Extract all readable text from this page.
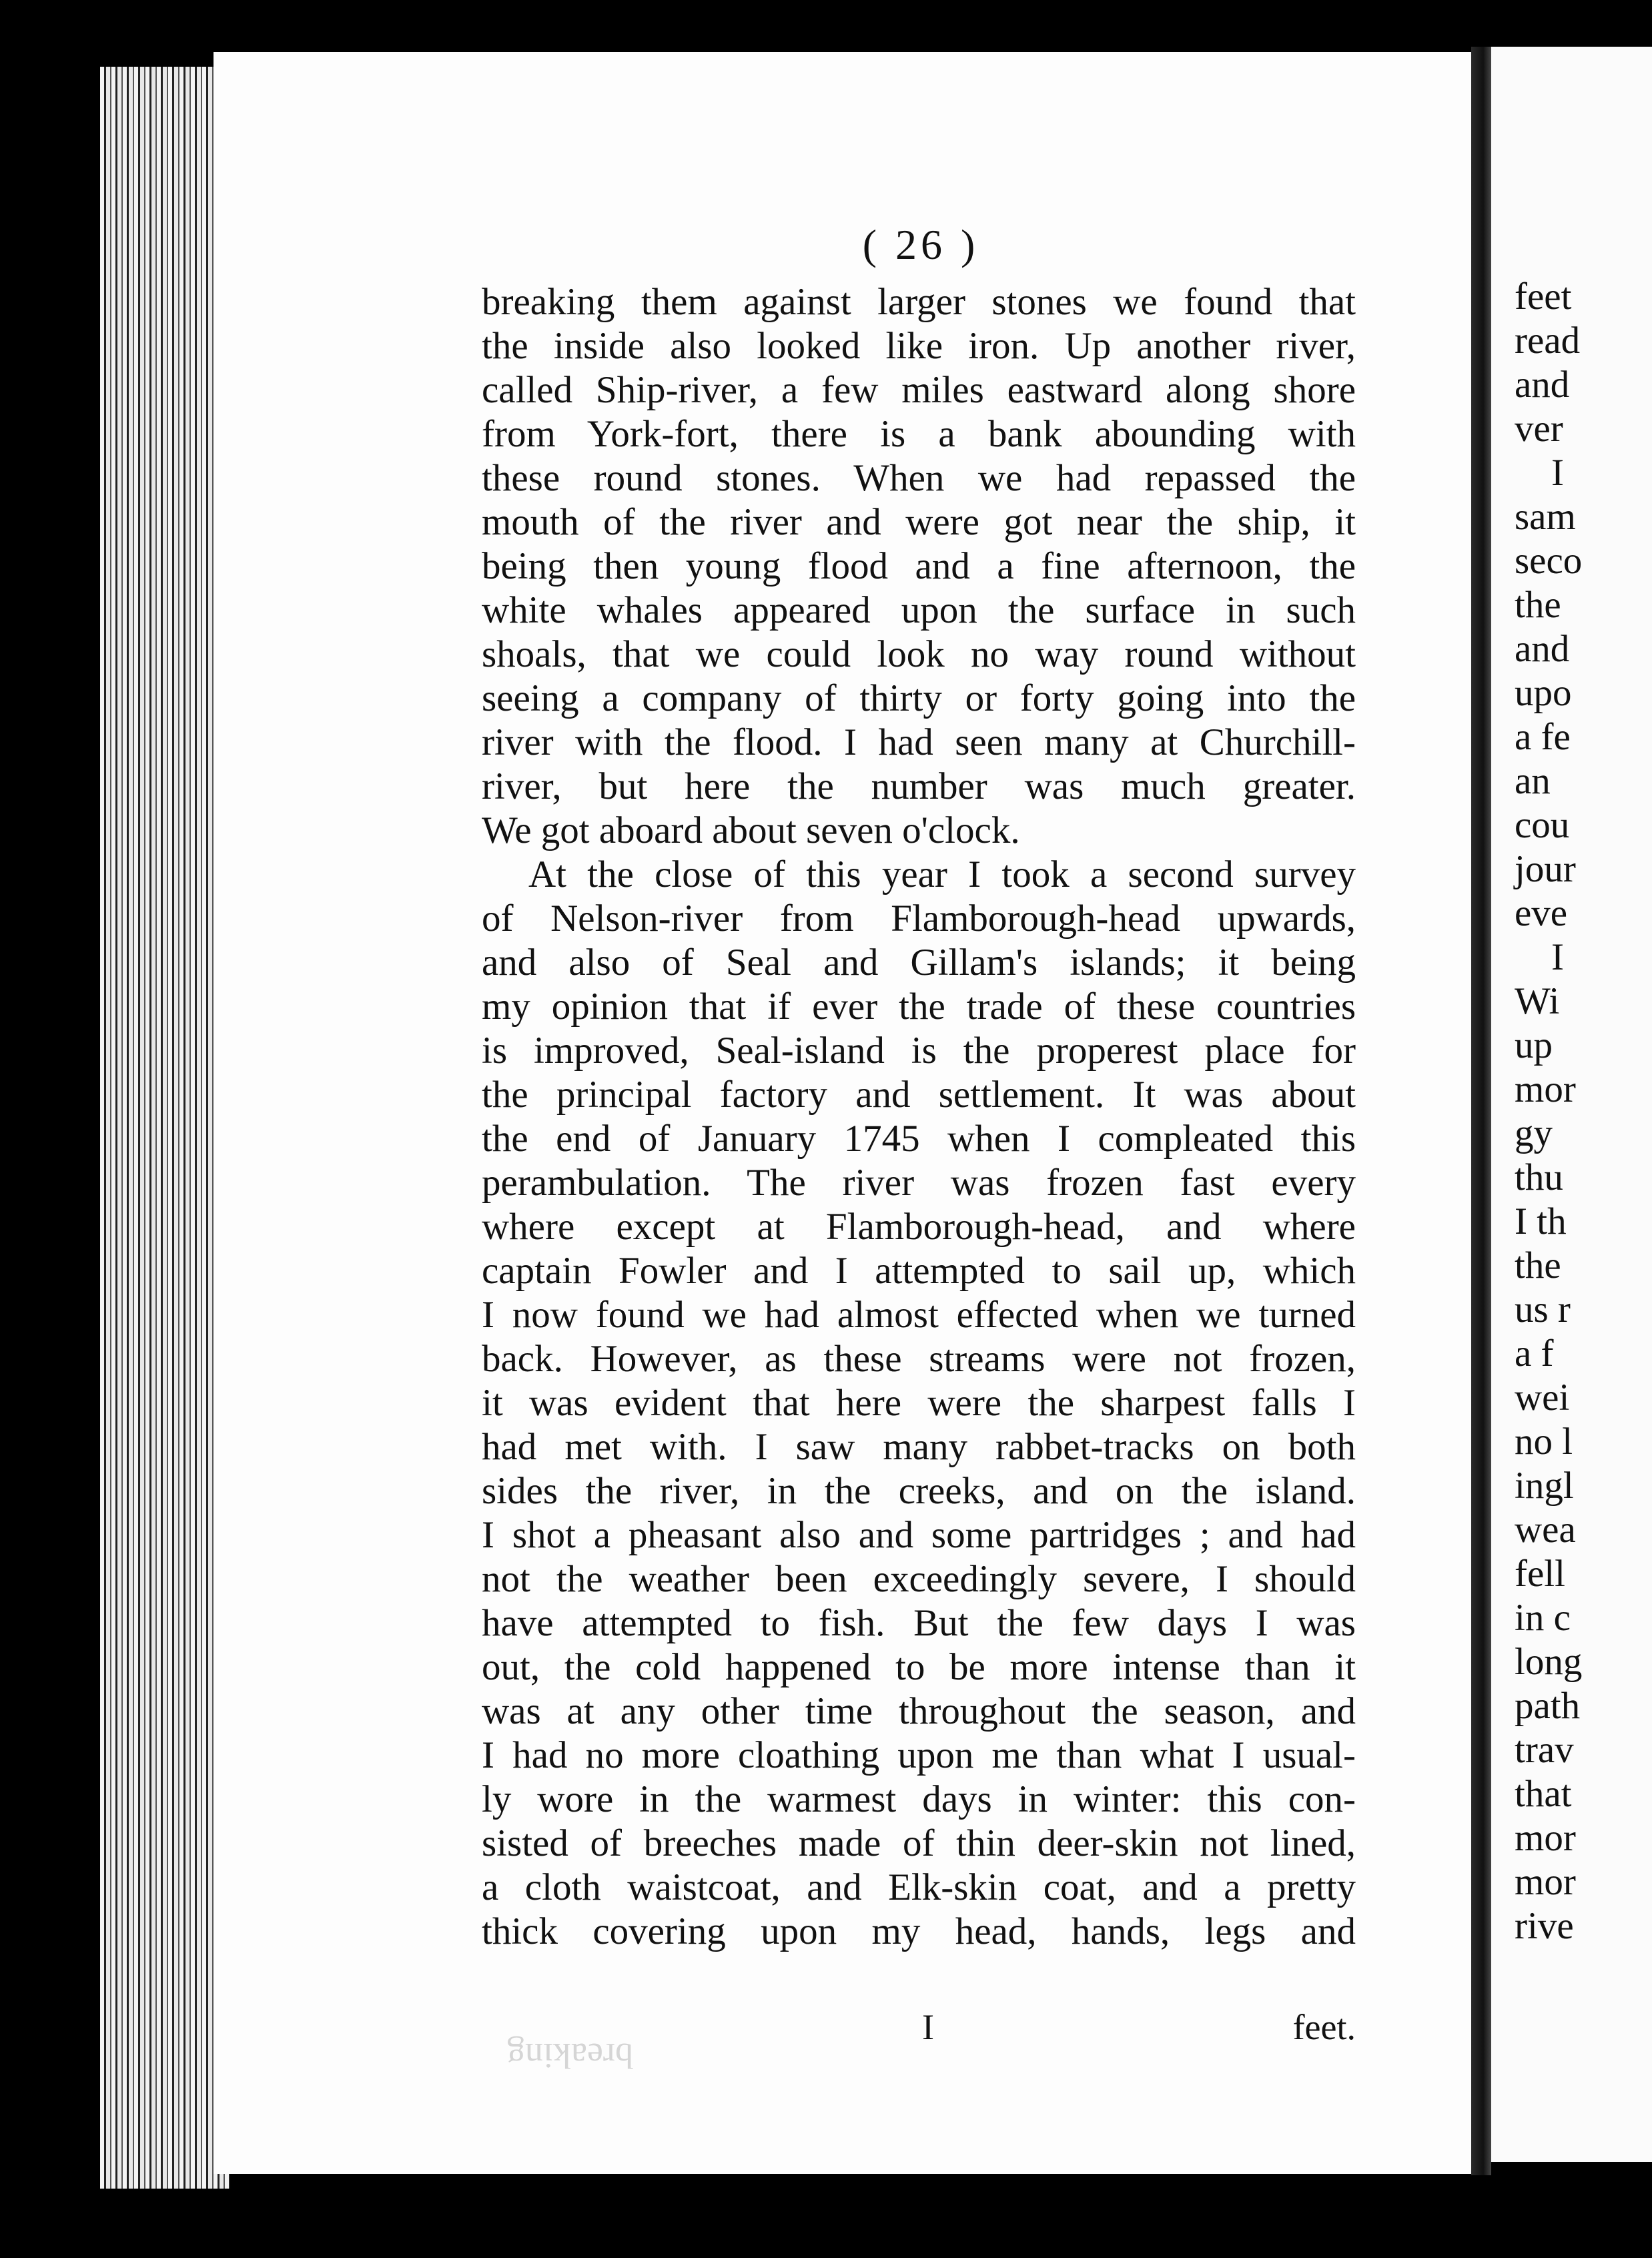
( 26 )
breaking them against larger stones we found that
the inside also looked like iron. Up another river,
called Ship-river, a few miles eastward along shore
from York-fort, there is a bank abounding with
these round stones. When we had repassed the
mouth of the river and were got near the ship, it
being then young flood and a fine afternoon, the
white whales appeared upon the surface in such
shoals, that we could look no way round without
seeing a company of thirty or forty going into the
river with the flood. I had seen many at Churchill-
river, but here the number was much greater.
We got aboard about seven o'clock.
At the close of this year I took a second survey
of Nelson-river from Flamborough-head upwards,
and also of Seal and Gillam's islands; it being
my opinion that if ever the trade of these countries
is improved, Seal-island is the properest place for
the principal factory and settlement. It was about
the end of January 1745 when I compleated this
perambulation. The river was frozen fast every
where except at Flamborough-head, and where
captain Fowler and I attempted to sail up, which
I now found we had almost effected when we turned
back. However, as these streams were not frozen,
it was evident that here were the sharpest falls I
had met with. I saw many rabbet-tracks on both
sides the river, in the creeks, and on the island.
I shot a pheasant also and some partridges ; and had
not the weather been exceedingly severe, I should
have attempted to fish. But the few days I was
out, the cold happened to be more intense than it
was at any other time throughout the season, and
I had no more cloathing upon me than what I usual-
ly wore in the warmest days in winter: this con-
sisted of breeches made of thin deer-skin not lined,
a cloth waistcoat, and Elk-skin coat, and a pretty
thick covering upon my head, hands, legs and
I	feet.
breaking
feet
read
and
ver
I
sam
seco
the
and
upo
a fe
an
cou
jour
eve
I
Wi
up
mor
gy
thu
I th
the
us r
a f
wei
no l
ingl
wea
fell
in c
long
path
trav
that
mor
mor
rive
